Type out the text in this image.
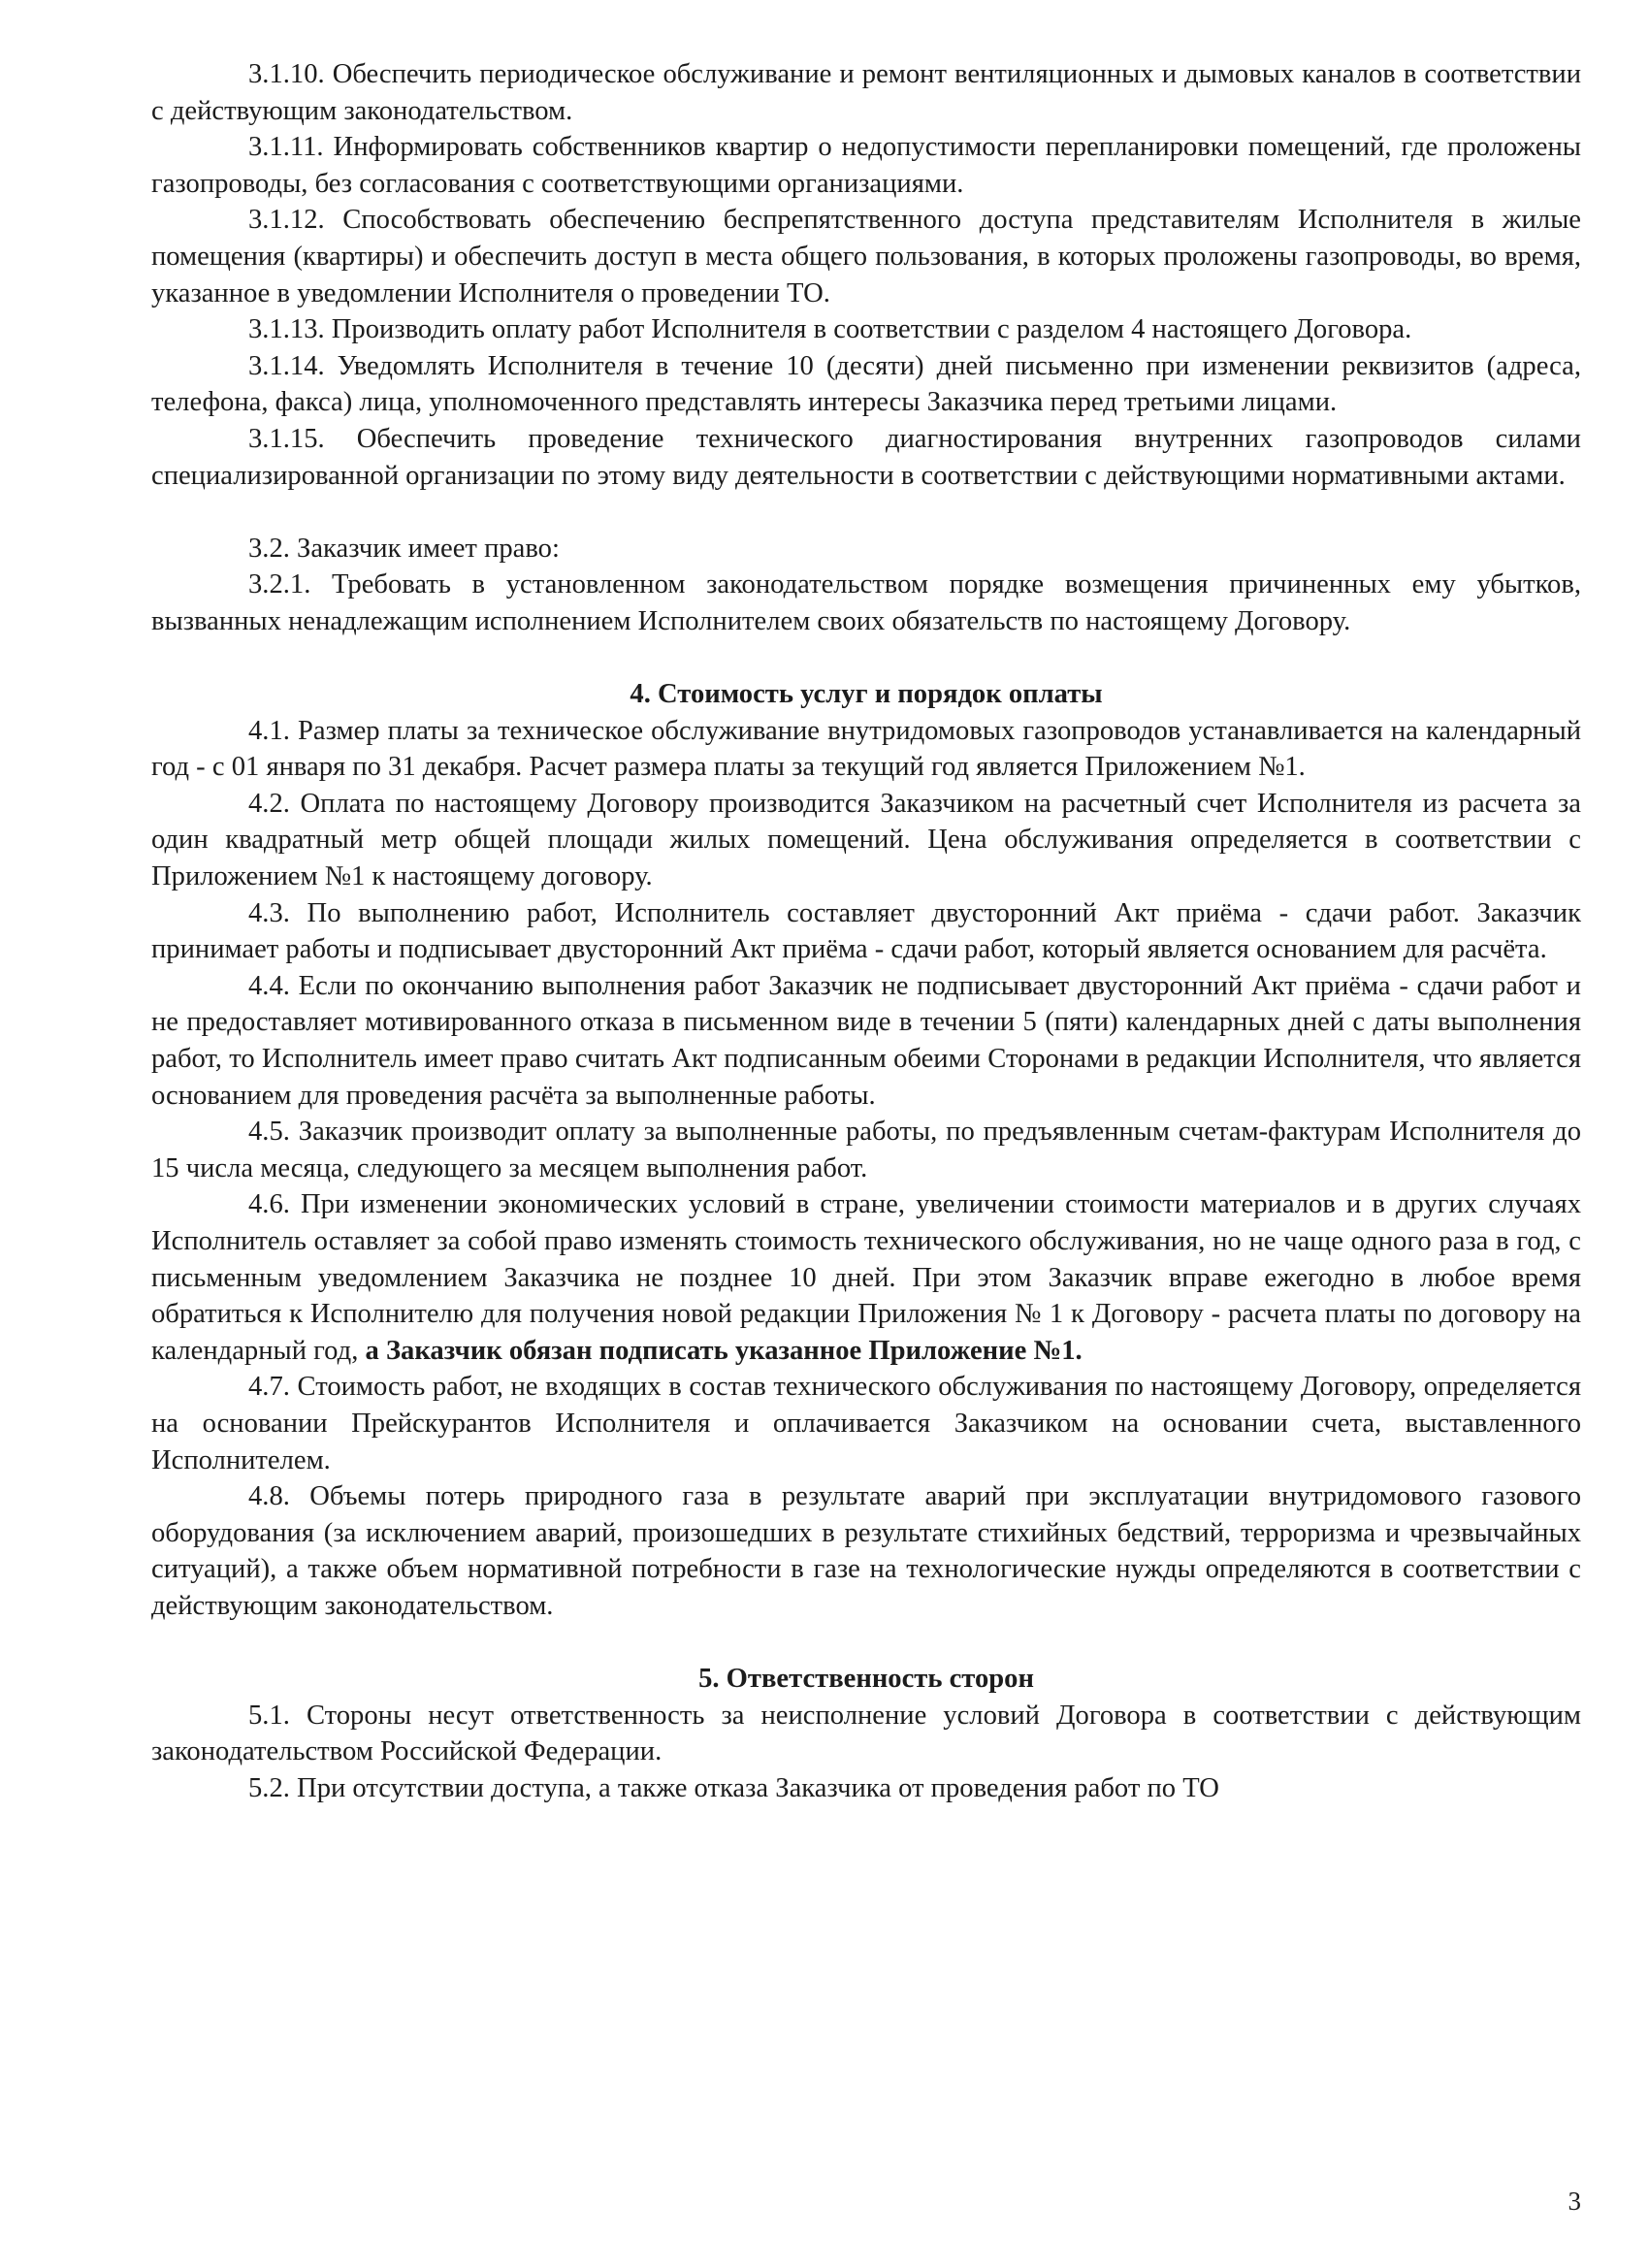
3.1.10. Обеспечить периодическое обслуживание и ремонт вентиляционных и дымовых каналов в соответствии с действующим законодательством.

3.1.11. Информировать собственников квартир о недопустимости перепланировки помещений, где проложены газопроводы, без согласования с соответствующими организациями.

3.1.12. Способствовать обеспечению беспрепятственного доступа представителям Исполнителя в жилые помещения (квартиры) и обеспечить доступ в места общего пользования, в которых проложены газопроводы, во время, указанное в уведомлении Исполнителя о проведении ТО.

3.1.13. Производить оплату работ Исполнителя в соответствии с разделом 4 настоящего Договора.

3.1.14. Уведомлять Исполнителя в течение 10 (десяти) дней письменно при изменении реквизитов (адреса, телефона, факса) лица, уполномоченного представлять интересы Заказчика перед третьими лицами.

3.1.15. Обеспечить проведение технического диагностирования внутренних газопроводов силами специализированной организации по этому виду деятельности в соответствии с действующими нормативными актами.

3.2. Заказчик имеет право:

3.2.1. Требовать в установленном законодательством порядке возмещения причиненных ему убытков, вызванных ненадлежащим исполнением Исполнителем своих обязательств по настоящему Договору.

4. Стоимость услуг и порядок оплаты

4.1. Размер платы за техническое обслуживание внутридомовых газопроводов устанавливается на календарный год - с 01 января по 31 декабря. Расчет размера платы за текущий год является Приложением №1.

4.2. Оплата по настоящему Договору производится Заказчиком на расчетный счет Исполнителя из расчета за один квадратный метр общей площади жилых помещений. Цена обслуживания определяется в соответствии с Приложением №1 к настоящему договору.

4.3. По выполнению работ, Исполнитель составляет двусторонний Акт приёма - сдачи работ. Заказчик принимает работы и подписывает двусторонний Акт приёма - сдачи работ, который является основанием для расчёта.

4.4. Если по окончанию выполнения работ Заказчик не подписывает двусторонний Акт приёма - сдачи работ и не предоставляет мотивированного отказа в письменном виде в течении 5 (пяти) календарных дней с даты выполнения работ, то Исполнитель имеет право считать Акт подписанным обеими Сторонами в редакции Исполнителя, что является основанием для проведения расчёта за выполненные работы.

4.5. Заказчик производит оплату за выполненные работы, по предъявленным счетам-фактурам Исполнителя до 15 числа месяца, следующего за месяцем выполнения работ.

4.6. При изменении экономических условий в стране, увеличении стоимости материалов и в других случаях Исполнитель оставляет за собой право изменять стоимость технического обслуживания, но не чаще одного раза в год, с письменным уведомлением Заказчика не позднее 10 дней. При этом Заказчик вправе ежегодно в любое время обратиться к Исполнителю для получения новой редакции Приложения № 1 к Договору - расчета платы по договору на календарный год, а Заказчик обязан подписать указанное Приложение №1.

4.7. Стоимость работ, не входящих в состав технического обслуживания по настоящему Договору, определяется на основании Прейскурантов Исполнителя и оплачивается Заказчиком на основании счета, выставленного Исполнителем.

4.8. Объемы потерь природного газа в результате аварий при эксплуатации внутридомового газового оборудования (за исключением аварий, произошедших в результате стихийных бедствий, терроризма и чрезвычайных ситуаций), а также объем нормативной потребности в газе на технологические нужды определяются в соответствии с действующим законодательством.

5. Ответственность сторон

5.1. Стороны несут ответственность за неисполнение условий Договора в соответствии с действующим законодательством Российской Федерации.

5.2. При отсутствии доступа, а также отказа Заказчика от проведения работ по ТО

3
